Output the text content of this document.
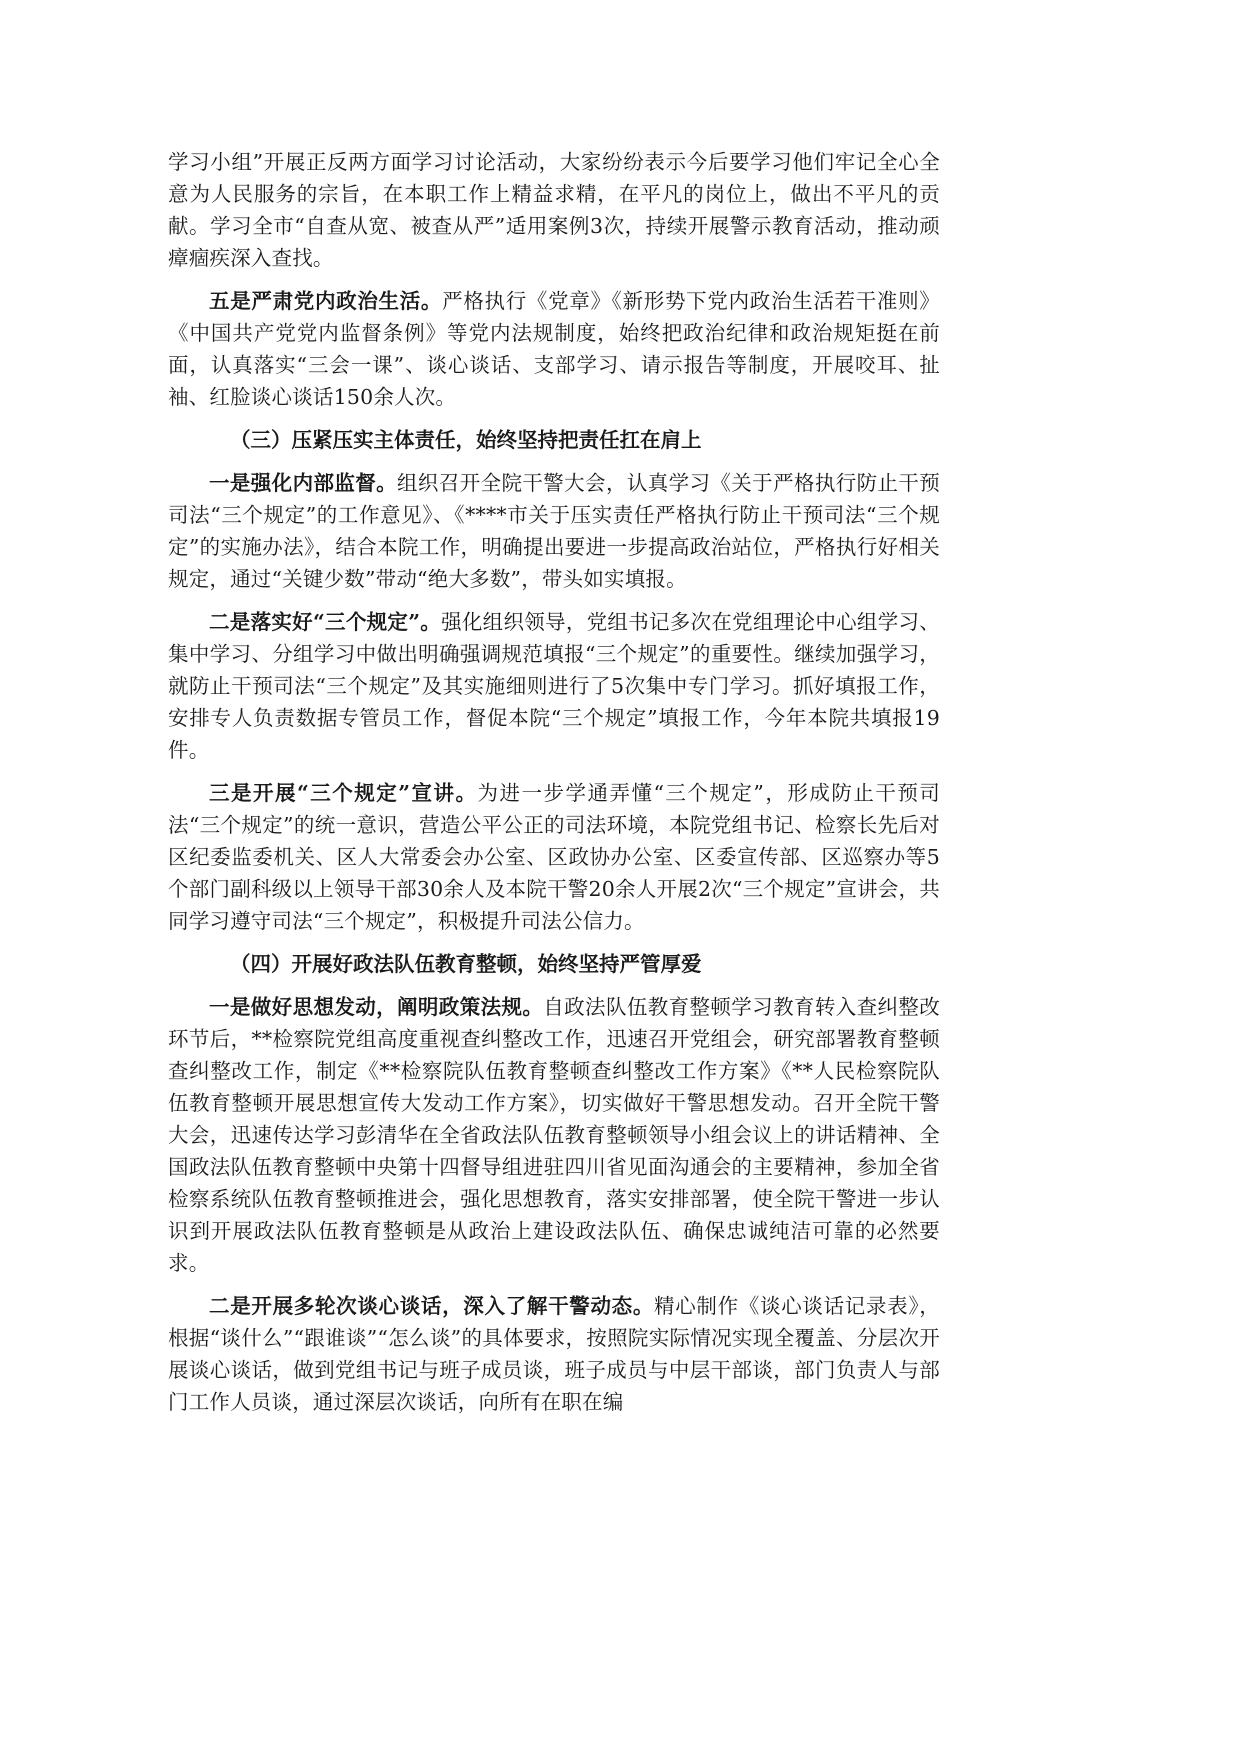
学习小组”开展正反两方面学习讨论活动，大家纷纷表示今后要学习他们牢记全心全意为人民服务的宗旨，在本职工作上精益求精，在平凡的岗位上，做出不平凡的贡献。学习全市“自查从宽、被查从严”适用案例3次，持续开展警示教育活动，推动顽瘴痼疾深入查找。

五是严肃党内政治生活。严格执行《党章》《新形势下党内政治生活若干准则》《中国共产党党内监督条例》等党内法规制度，始终把政治纪律和政治规矩挺在前面，认真落实“三会一课”、谈心谈话、支部学习、请示报告等制度，开展咬耳、扯袖、红脸谈心谈话150余人次。

（三）压紧压实主体责任，始终坚持把责任扛在肩上

一是强化内部监督。组织召开全院干警大会，认真学习《关于严格执行防止干预司法“三个规定”的工作意见》、《****市关于压实责任严格执行防止干预司法“三个规定”的实施办法》，结合本院工作，明确提出要进一步提高政治站位，严格执行好相关规定，通过“关键少数”带动“绝大多数”，带头如实填报。

二是落实好“三个规定”。强化组织领导，党组书记多次在党组理论中心组学习、集中学习、分组学习中做出明确强调规范填报“三个规定”的重要性。继续加强学习，就防止干预司法“三个规定”及其实施细则进行了5次集中专门学习。抓好填报工作，安排专人负责数据专管员工作，督促本院“三个规定”填报工作，今年本院共填报19件。

三是开展“三个规定”宣讲。为进一步学通弄懂“三个规定”，形成防止干预司法“三个规定”的统一意识，营造公平公正的司法环境，本院党组书记、检察长先后对区纪委监委机关、区人大常委会办公室、区政协办公室、区委宣传部、区巡察办等5个部门副科级以上领导干部30余人及本院干警20余人开展2次“三个规定”宣讲会，共同学习遵守司法“三个规定”，积极提升司法公信力。

（四）开展好政法队伍教育整顿，始终坚持严管厚爱

一是做好思想发动，阐明政策法规。自政法队伍教育整顿学习教育转入查纠整改环节后，**检察院党组高度重视查纠整改工作，迅速召开党组会，研究部署教育整顿查纠整改工作，制定《**检察院队伍教育整顿查纠整改工作方案》《**人民检察院队伍教育整顿开展思想宣传大发动工作方案》，切实做好干警思想发动。召开全院干警大会，迅速传达学习彭清华在全省政法队伍教育整顿领导小组会议上的讲话精神、全国政法队伍教育整顿中央第十四督导组进驻四川省见面沟通会的主要精神，参加全省检察系统队伍教育整顿推进会，强化思想教育，落实安排部署，使全院干警进一步认识到开展政法队伍教育整顿是从政治上建设政法队伍、确保忠诚纯洁可靠的必然要求。

二是开展多轮次谈心谈话，深入了解干警动态。精心制作《谈心谈话记录表》，根据“谈什么”“跟谁谈”“怎么谈”的具体要求，按照院实际情况实现全覆盖、分层次开展谈心谈话，做到党组书记与班子成员谈，班子成员与中层干部谈，部门负责人与部门工作人员谈，通过深层次谈话，向所有在职在编
